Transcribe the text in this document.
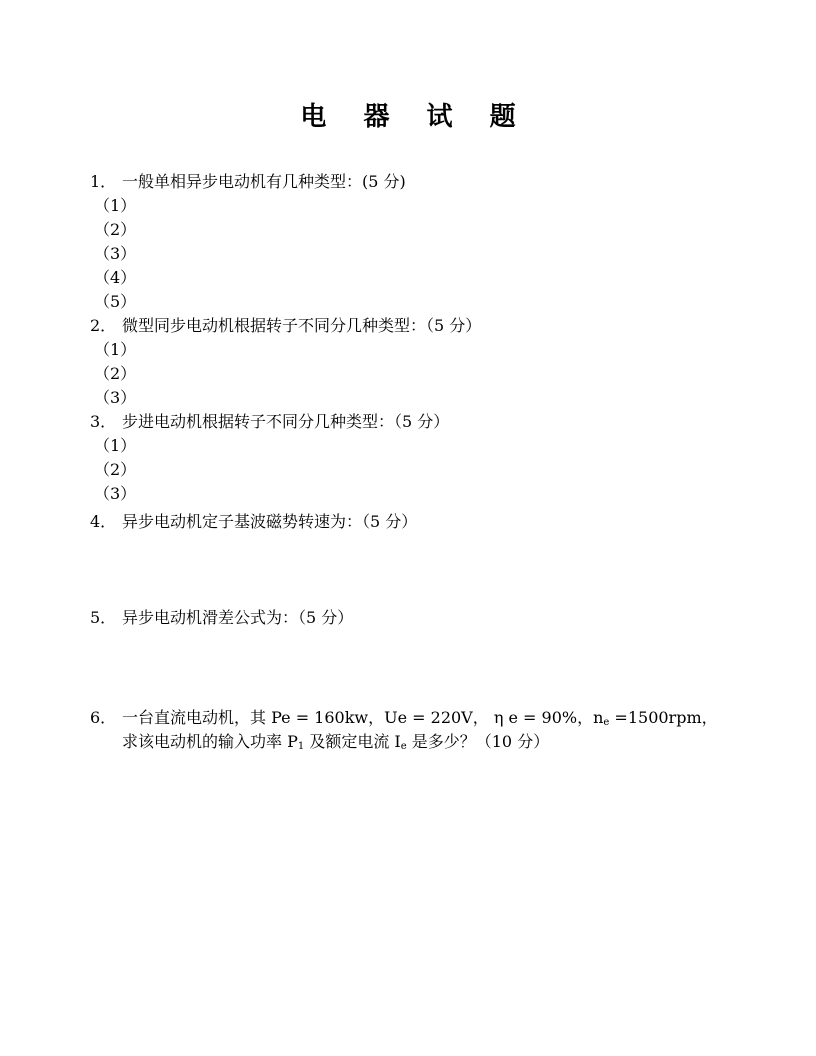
电 器 试 题
1． 一般单相异步电动机有几种类型：(5 分)
（1）
（2）
（3）
（4）
（5）
2． 微型同步电动机根据转子不同分几种类型：（5 分）
（1）
（2）
（3）
3． 步进电动机根据转子不同分几种类型：（5 分）
（1）
（2）
（3）
4． 异步电动机定子基波磁势转速为：（5 分）
5． 异步电动机滑差公式为：（5 分）
6． 一台直流电动机，其 Pe = 160kw，Ue = 220V， η e = 90%，$n_e =1500rpm$，
求该电动机的输入功率 $P_1$ 及额定电流 $I_e$ 是多少？（10 分）
